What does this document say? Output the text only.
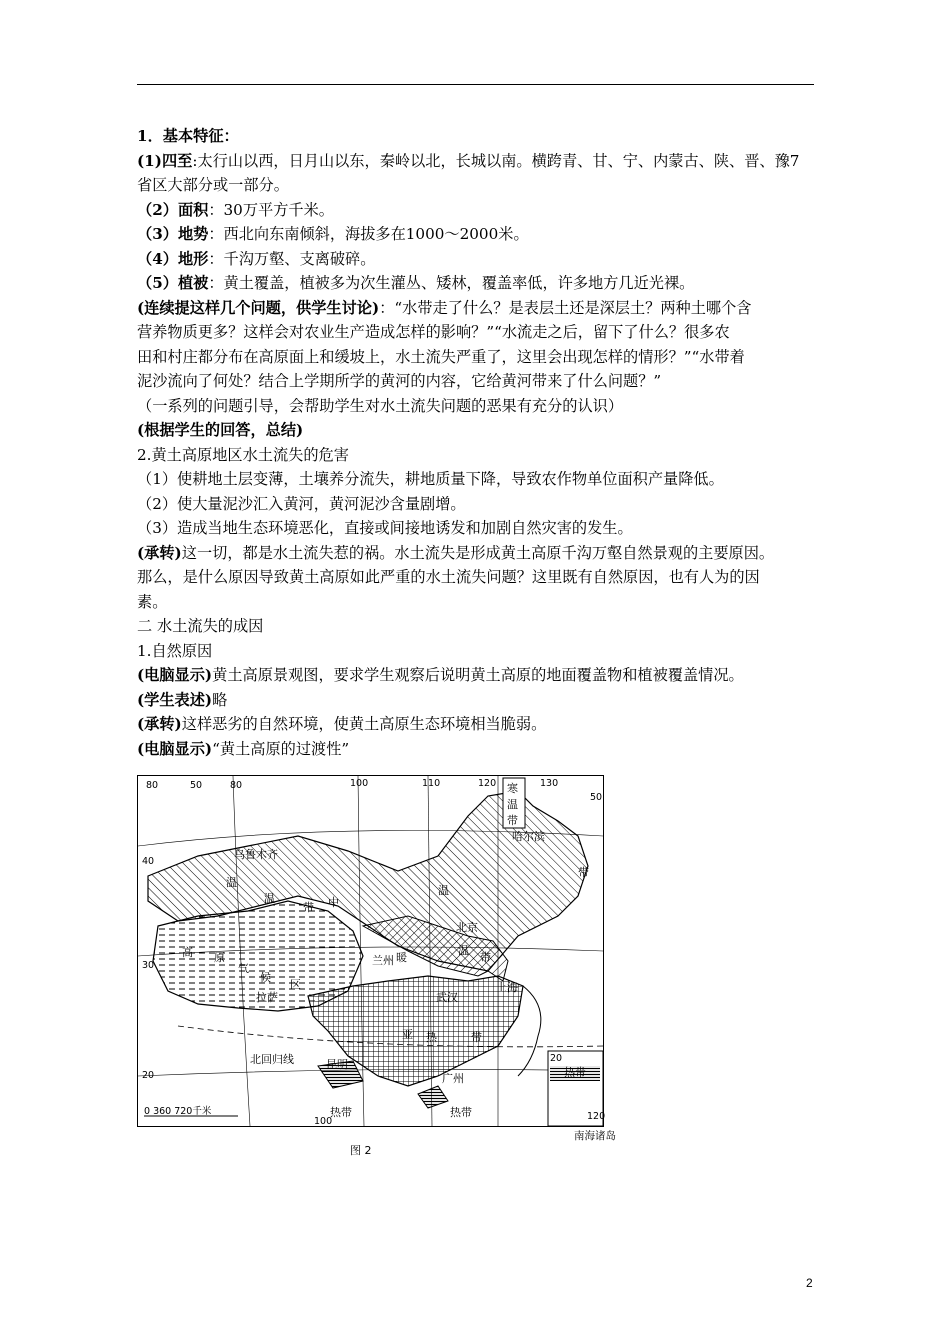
1．基本特征：
(1)四至:太行山以西，日月山以东，秦岭以北，长城以南。横跨青、甘、宁、内蒙古、陕、晋、豫7
省区大部分或一部分。
（2）面积：30万平方千米。
（3）地势：西北向东南倾斜，海拔多在1000～2000米。
（4）地形：千沟万壑、支离破碎。
（5）植被：黄土覆盖，植被多为次生灌丛、矮林，覆盖率低，许多地方几近光裸。
(连续提这样几个问题，供学生讨论)：“水带走了什么？是表层土还是深层土？两种土哪个含
营养物质更多？这样会对农业生产造成怎样的影响？”“水流走之后，留下了什么？很多农
田和村庄都分布在高原面上和缓坡上，水土流失严重了，这里会出现怎样的情形？”“水带着
泥沙流向了何处？结合上学期所学的黄河的内容，它给黄河带来了什么问题？”
（一系列的问题引导，会帮助学生对水土流失问题的恶果有充分的认识）
(根据学生的回答，总结)
2.黄土高原地区水土流失的危害
（1）使耕地土层变薄，土壤养分流失，耕地质量下降，导致农作物单位面积产量降低。
（2）使大量泥沙汇入黄河，黄河泥沙含量剧增。
（3）造成当地生态环境恶化，直接或间接地诱发和加剧自然灾害的发生。
(承转)这一切，都是水土流失惹的祸。水土流失是形成黄土高原千沟万壑自然景观的主要原因。
那么，是什么原因导致黄土高原如此严重的水土流失问题？这里既有自然原因，也有人为的因
素。
二 水土流失的成因
1.自然原因
(电脑显示)黄土高原景观图，要求学生观察后说明黄土高原的地面覆盖物和植被覆盖情况。
(学生表述)略
(承转)这样恶劣的自然环境，使黄土高原生态环境相当脆弱。
(电脑显示)“黄土高原的过渡性”
80	50	80	100	110	120	130
50
40
30
20
20
100	120
寒
温
带
温
温
带
中
温
带
暖
温
带
高 原
气
候
区
亚 热	带
热带	热带
热带
乌鲁木齐
哈尔滨
北京
兰州
拉萨	武汉
上海
昆明
广州
北回归线
0 360 720千米
南海诸岛
图 2
2
